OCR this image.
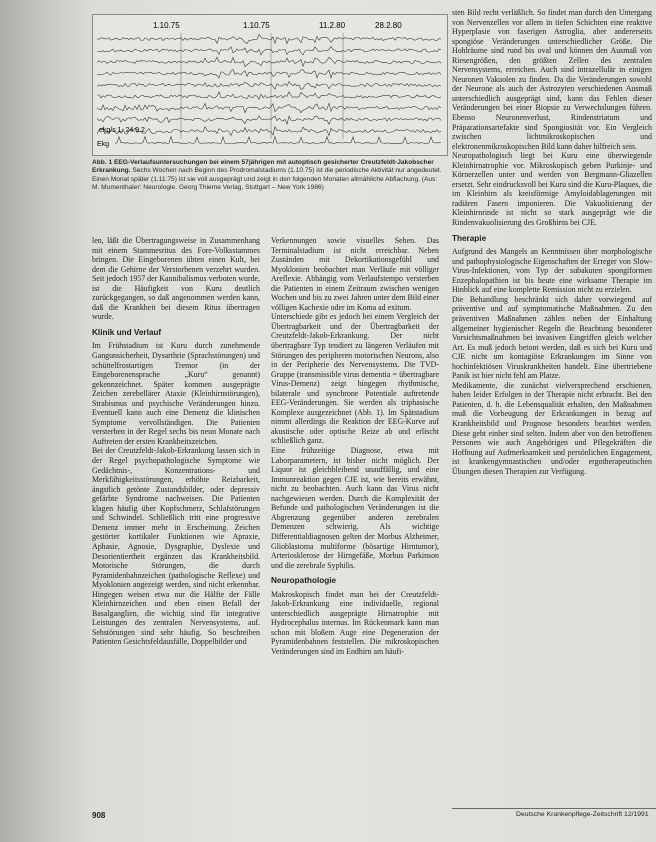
1.10.75	1.10.75	11.2.80	28.2.80
Ekg
ekg/s 1. 24.9.2
Abb. 1 EEG-Verlaufsuntersuchungen bei einem 57jährigen mit autoptisch gesicherter Creutzfeldt-Jakobscher Erkrankung. Sechs Wochen nach Beginn des Prodromalstadiums (1.10.75) ist die periodische Aktivität nur angedeutet. Einen Monat später (1.11.75) ist sie voll ausgeprägt und zeigt in den folgenden Monaten allmähliche Abflachung. (Aus: M. Mumenthaler: Neurologie. Georg Thieme Verlag, Stuttgart – New York 1986)

len, läßt die Übertragungsweise in Zusammenhang mit einem Stammesritus des Fore-Volksstammes bringen. Die Eingeborenen übten einen Kult, bei dem die Gehirne der Verstorbenen verzehrt wurden. Seit jedoch 1957 der Kannibalismus verboten wurde, ist die Häufigkeit von Kuru deutlich zurückgegangen, so daß angenommen werden kann, daß die Krankheit bei diesem Ritus übertragen wurde.

Klinik und Verlauf

Im Frühstadium ist Kuru durch zunehmende Gangunsicherheit, Dysarthrie (Sprachstörungen) und schüttelfrostartigen Tremor (in der Eingeborenensprache „Kuru“ genannt) gekennzeichnet. Später kommen ausgeprägte Zeichen zerebellärer Ataxie (Kleinhirnstörungen), Strabismus und psychische Veränderungen hinzu. Eventuell kann auch eine Demenz die klinischen Symptome vervollständigen. Die Patienten versterben in der Regel sechs bis neun Monate nach Auftreten der ersten Krankheitszeichen.

Bei der Creutzfeldt-Jakob-Erkrankung lassen sich in der Regel psychopathologische Symptome wie Gedächtnis-, Konzentrations- und Merkfähigkeitsstörungen, erhöhte Reizbarkeit, ängstlich getönte Zustandsbilder, oder depressiv gefärbte Syndrome nachweisen. Die Patienten klagen häufig über Kopfschmerz, Schlafstörungen und Schwindel. Schließlich tritt eine progressive Demenz immer mehr in Erscheinung. Zeichen gestörter kortikaler Funktionen wie Apraxie, Aphasie, Agnosie, Dysgraphie, Dyslexie und Desorientiertheit ergänzen das Krankheitsbild. Motorische Störungen, die durch Pyramidenbahnzeichen (pathologische Reflexe) und Myoklonien angezeigt werden, sind nicht erkennbar. Hingegen weisen etwa nur die Hälfte der Fälle Kleinhirnzeichen und eben einen Befall der Basalganglien, die wichtig sind für integrative Leistungen des zentralen Nervensystems, auf. Sehstörungen sind sehr häufig. So beschreiben Patienten Gesichtsfeldausfälle, Doppelbilder und

Verkennungen sowie visuelles Sehen. Das Terminalstadium ist nicht erreichbar. Neben Zuständen mit Dekortikationsgefühl und Myoklonien beobachtet man Verläufe mit völliger Areflexie. Abhängig vom Verlaufstempo versterben die Patienten in einem Zeitraum zwischen wenigen Wochen und bis zu zwei Jahren unter dem Bild einer völligen Kachexie oder im Koma ad exitum.

Unterschiede gibt es jedoch bei einem Vergleich der Übertragbarkeit und der Übertragbarkeit der Creutzfeldt-Jakob-Erkrankung. Der nicht übertragbare Typ tendiert zu längeren Verläufen mit Störungen des peripheren motorischen Neurons, also in der Peripherie des Nervensystems. Die TVD-Gruppe (transmissible virus dementia = übertragbare Virus-Demenz) zeigt hingegen rhythmische, bilaterale und synchrone Potentiale auftretende EEG-Veränderungen. Sie werden als triphasische Komplexe ausgezeichnet (Abb. 1). Im Spätstadium nimmt allerdings die Reaktion der EEG-Kurve auf akustische oder optische Reize ab und erlischt schließlich ganz.

Eine frühzeitige Diagnose, etwa mit Laborparametern, ist bisher nicht möglich. Der Liquor ist gleichbleibend unauffällig, und eine Immunreaktion gegen CJE ist, wie bereits erwähnt, nicht zu beobachten. Auch kann das Virus nicht nachgewiesen werden. Durch die Komplexität der Befunde und pathologischen Veränderungen ist die Abgrenzung gegenüber anderen zerebralen Demenzen schwierig. Als wichtige Differentialdiagnosen gelten der Morbus Alzheimer, Glioblastoma multiforme (bösartige Hirntumor), Arteriosklerose der Hirngefäße, Morbus Parkinson und die zerebrale Syphilis.

Neuropathologie

Makroskopisch findet man bei der Creutzfeldt-Jakob-Erkrankung eine individuelle, regional unterschiedlich ausgeprägte Hirnatrophie mit Hydrocephalus internus. Im Rückenmark kann man schon mit bloßem Auge eine Degeneration der Pyramidenbahnen feststellen. Die mikroskopischen Veränderungen sind im Endhirn am häufi-

sten Bild recht verläßlich. So findet man durch den Untergang von Nervenzellen vor allem in tiefen Schichten eine reaktive Hyperplasie von faserigen Astroglia, aber andererseits spongiöse Veränderungen unterschiedlicher Größe. Die Hohlräume sind rund bis oval und können den Ausmaß von Riesengrößen, den größten Zellen des zentralen Nervensystems, erreichen. Auch sind intrazellulär in einigen Neuronen Vakuolen zu finden. Da die Veränderungen sowohl der Neurone als auch der Astrozyten verschiedenen Ausmaß unterschiedlich ausgeprägt sind, kann das Fehlen dieser Veränderungen bei einer Biopsie zu Verwechslungen führen. Ebenso Neuronenverlust, Rindenstriatum und Präparationsartefakte sind Spongiosität vor. Ein Vergleich zwischen lichtmikroskopischen und elektronenmikroskopischen Bild kann daher hilfreich sein.

Neuropathologisch liegt bei Kuru eine überwiegende Kleinhirnatrophie vor. Mikroskopisch geben Purkinje- und Körnerzellen unter und werden von Bergmann-Gliazellen ersetzt. Sehr eindrucksvoll bei Kuru sind die Kuru-Plaques, die im Kleinhirn als kreisförmige Amyloidablagerungen mit radiären Fasern imponieren. Die Vakuolisierung der Kleinhirnrinde ist nicht so stark ausgeprägt wie die Rindenvakuolisierung des Großhirns bei CJE.

Therapie

Aufgrund des Mangels an Kenntnissen über morphologische und pathophysiologische Eigenschaften der Erreger von Slow-Virus-Infektionen, vom Typ der subakuten spongiformen Enzephalopathien ist bis heute eine wirksame Therapie im Hinblick auf eine komplette Remission nicht zu erzielen.

Die Behandlung beschränkt sich daher vorwiegend auf präventive und auf symptomatische Maßnahmen. Zu den präventiven Maßnahmen zählen neben der Einhaltung allgemeiner hygienischer Regeln die Beachtung besonderer Vorsichtsmaßnahmen bei invasiven Eingriffen gleich welcher Art. Es muß jedoch betont werden, daß es sich bei Kuru und CJE nicht um kontagiöse Erkrankungen im Sinne von hochinfektiösen Viruskrankheiten handelt. Eine übertriebene Panik ist hier nicht fehl am Platze.

Medikamente, die zunächst vielversprechend erschienen, haben leider Erfolgen in der Therapie nicht erbracht. Bei den Patienten, d. h. die Lebensqualität erhalten, den Maßnahmen muß die Vorbeugung der Erkrankungen in bezug auf Krankheitsbild und Prognose besonders beachtet werden. Diese geht einher sind selten. Indem aber von den betroffenen Personen wie auch Angehörigen und Pflegekräften die Hoffnung auf Aufmerksamkeit und persönlichen Engagement, ist krankengymnastischen und/oder ergotherapeutischen Übungen diesen Therapien zur Verfügung.

908	Deutsche Krankenpflege-Zeitschrift 12/1991
